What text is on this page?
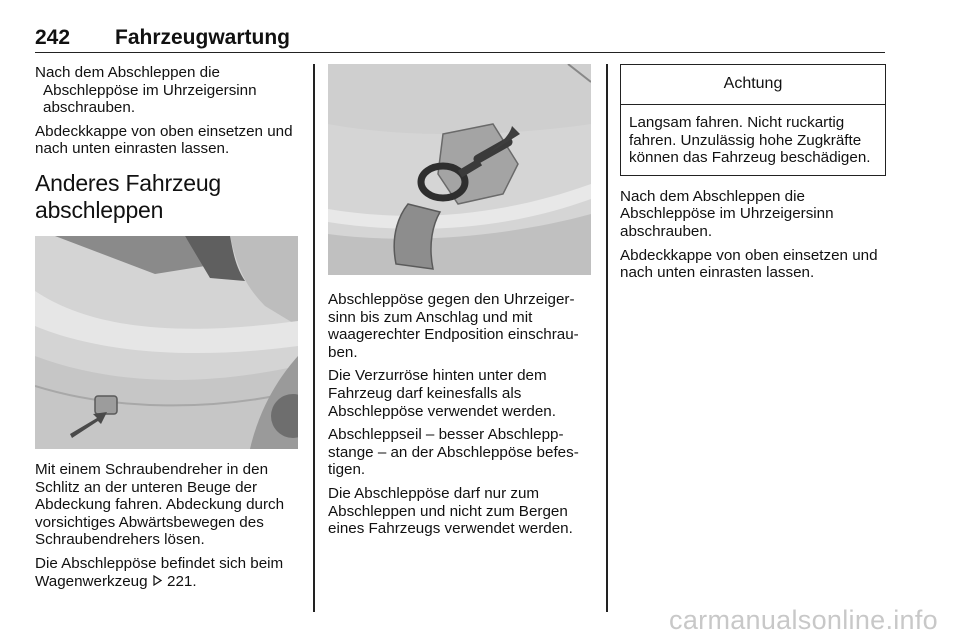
242 Fahrzeugwartung

Nach dem Abschleppen die Abschleppöse im Uhrzeigersinn abschrauben.

Abdeckkappe von oben einsetzen und nach unten einrasten lassen.

Anderes Fahrzeug abschleppen

Mit einem Schraubendreher in den Schlitz an der unteren Beuge der Abdeckung fahren. Abdeckung durch vorsichtiges Abwärtsbewegen des Schraubendrehers lösen.

Die Abschleppöse befindet sich beim Wagenwerkzeug  221.

Abschleppöse gegen den Uhrzeiger-sinn bis zum Anschlag und mit waagerechter Endposition einschrau-ben.

Die Verzurröse hinten unter dem Fahrzeug darf keinesfalls als Abschleppöse verwendet werden.

Abschleppseil – besser Abschlepp-stange – an der Abschleppöse befes-tigen.

Die Abschleppöse darf nur zum Abschleppen und nicht zum Bergen eines Fahrzeugs verwendet werden.

Achtung

Langsam fahren. Nicht ruckartig fahren. Unzulässig hohe Zugkräfte können das Fahrzeug beschädigen.

Nach dem Abschleppen die Abschleppöse im Uhrzeigersinn abschrauben.

Abdeckkappe von oben einsetzen und nach unten einrasten lassen.

carmanualsonline.info
